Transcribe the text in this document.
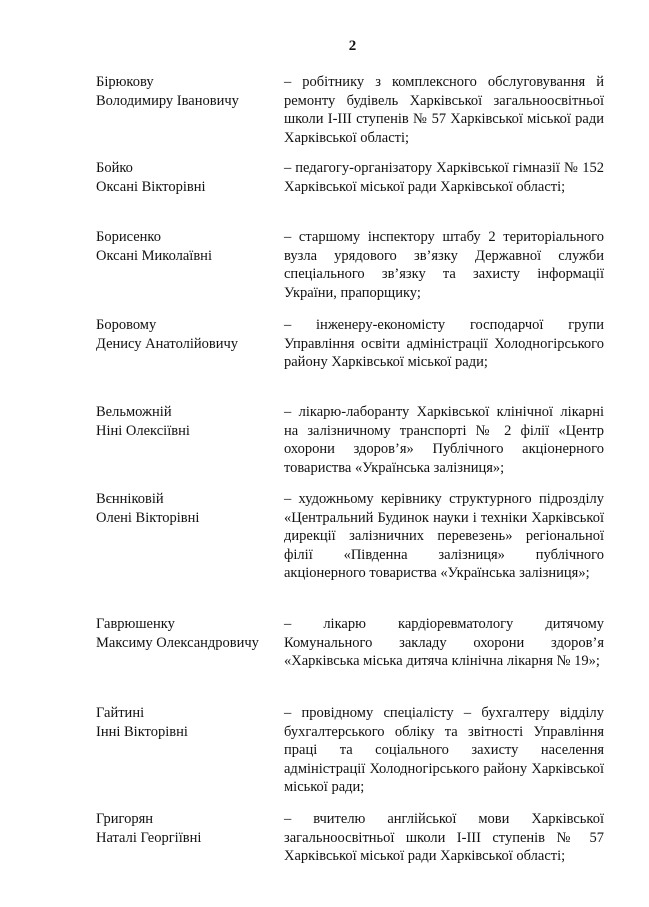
2
Бірюкову
Володимиру Івановичу
– робітнику з комплексного обслуговування й ремонту будівель Харківської загальноосвітньої школи І-ІІІ ступенів № 57 Харківської міської ради Харківської області;
Бойко
Оксані Вікторівні
– педагогу-організатору Харківської гімназії № 152 Харківської міської ради Харківської області;
Борисенко
Оксані Миколаївні
– старшому інспектору штабу 2 територіального вузла урядового зв’язку Державної служби спеціального зв’язку та захисту інформації України, прапорщику;
Боровому
Денису Анатолійовичу
– інженеру-економісту господарчої групи Управління освіти адміністрації Холодногірського району Харківської міської ради;
Вельможній
Ніні Олексіївні
– лікарю-лаборанту Харківської клінічної лікарні на залізничному транспорті № 2 філії «Центр охорони здоров’я» Публічного акціонерного товариства «Українська залізниця»;
Вєнніковій
Олені Вікторівні
– художньому керівнику структурного підрозділу «Центральний Будинок науки і техніки Харківської дирекції залізничних перевезень» регіональної філії «Південна залізниця» публічного акціонерного товариства «Українська залізниця»;
Гаврюшенку
Максиму Олександровичу
– лікарю кардіоревматологу дитячому Комунального закладу охорони здоров’я «Харківська міська дитяча клінічна лікарня № 19»;
Гайтині
Інні Вікторівні
– провідному спеціалісту – бухгалтеру відділу бухгалтерського обліку та звітності Управління праці та соціального захисту населення адміністрації Холодногірського району Харківської міської ради;
Григорян
Наталі Георгіївні
– вчителю англійської мови Харківської загальноосвітньої школи І-ІІІ ступенів № 57 Харківської міської ради Харківської області;
